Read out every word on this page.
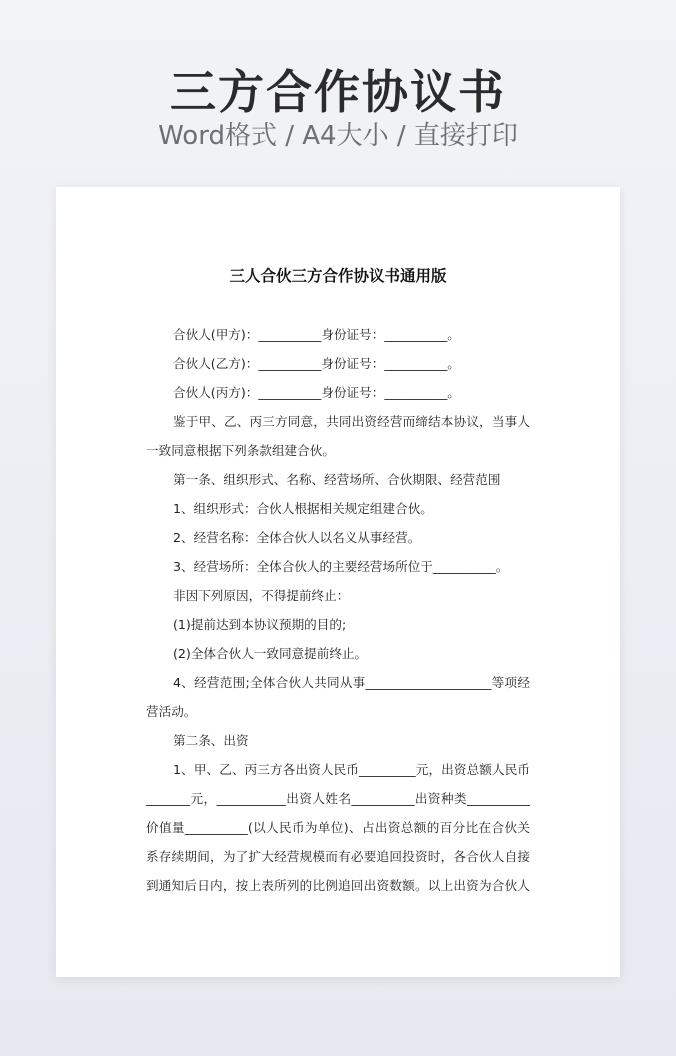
三方合作协议书
Word格式 / A4大小 / 直接打印
三人合伙三方合作协议书通用版
合伙人(甲方)：__________身份证号：__________。
合伙人(乙方)：__________身份证号：__________。
合伙人(丙方)：__________身份证号：__________。
鉴于甲、乙、丙三方同意，共同出资经营而缔结本协议，当事人
一致同意根据下列条款组建合伙。
第一条、组织形式、名称、经营场所、合伙期限、经营范围
1、组织形式：合伙人根据相关规定组建合伙。
2、经营名称：全体合伙人以名义从事经营。
3、经营场所：全体合伙人的主要经营场所位于__________。
非因下列原因，不得提前终止：
(1)提前达到本协议预期的目的;
(2)全体合伙人一致同意提前终止。
4、经营范围;全体合伙人共同从事____________________等项经
营活动。
第二条、出资
1、甲、乙、丙三方各出资人民币_________元，出资总额人民币
_______元，___________出资人姓名__________出资种类__________
价值量__________(以人民币为单位)、占出资总额的百分比在合伙关
系存续期间，为了扩大经营规模而有必要追回投资时，各合伙人自接
到通知后日内，按上表所列的比例追回出资数额。以上出资为合伙人
